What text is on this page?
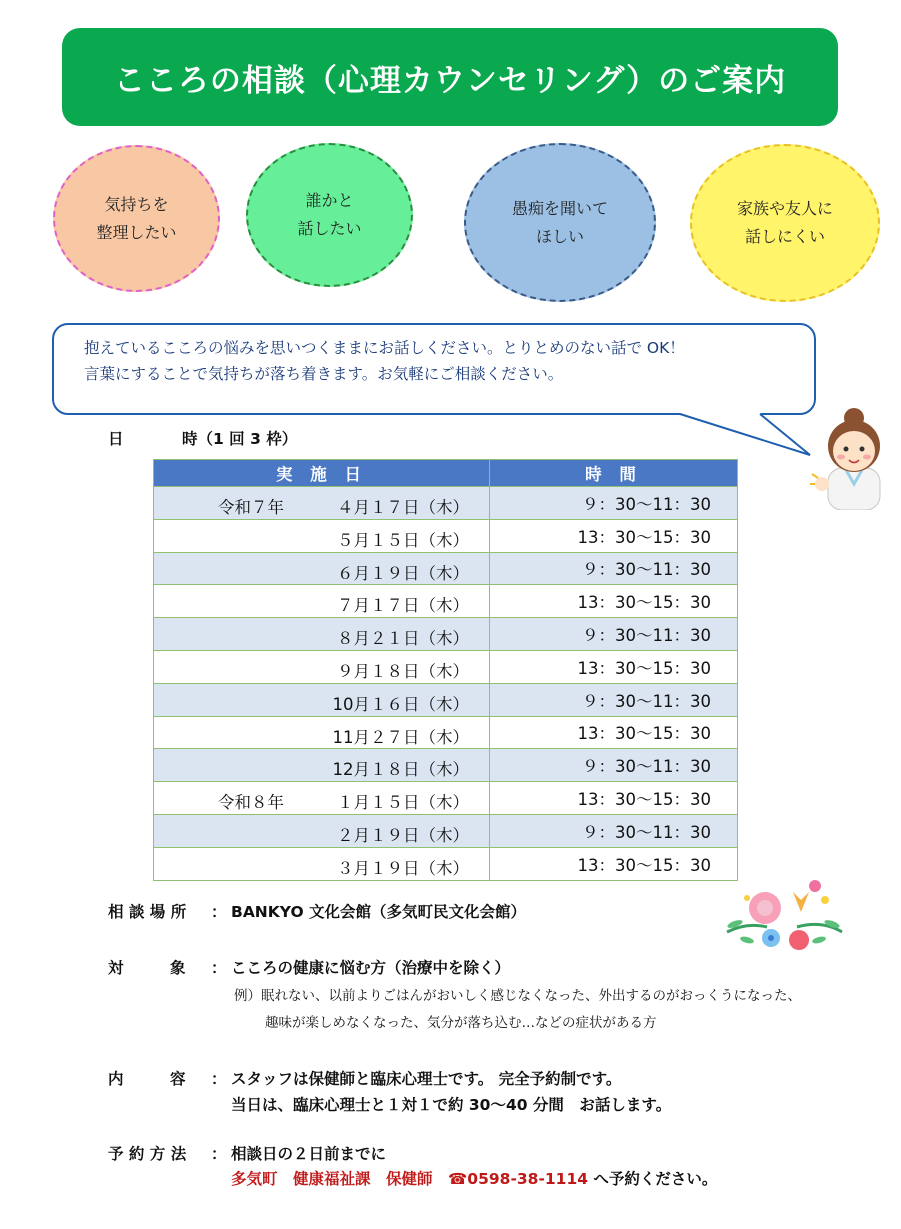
こころの相談（心理カウンセリング）のご案内
気持ちを
整理したい
誰かと
話したい
愚痴を聞いて
ほしい
家族や友人に
話しにくい
抱えているこころの悩みを思いつくままにお話しください。とりとめのない話で OK！
言葉にすることで気持ちが落ち着きます。お気軽にご相談ください。
日	時（1 回 3 枠）
実 施 日	時 間

令和７年 ４月１７日（木）	９：30～11：30

５月１５日（木）	13：30～15：30

６月１９日（木）	９：30～11：30

７月１７日（木）	13：30～15：30

８月２１日（木）	９：30～11：30

９月１８日（木）	13：30～15：30

10月１６日（木）	９：30～11：30

11月２７日（木）	13：30～15：30

12月１８日（木）	９：30～11：30

令和８年 １月１５日（木）	13：30～15：30

２月１９日（木）	９：30～11：30

３月１９日（木）	13：30～15：30
相 談 場 所 ： BANKYO 文化会館（多気町民文化会館）
対　　　象 ： こころの健康に悩む方（治療中を除く）
例）眠れない、以前よりごはんがおいしく感じなくなった、外出するのがおっくうになった、
趣味が楽しめなくなった、気分が落ち込む…などの症状がある方
内　　　容 ： スタッフは保健師と臨床心理士です。 完全予約制です。
当日は、臨床心理士と１対１で約 30～40 分間　お話します。
予 約 方 法 ： 相談日の２日前までに
多気町　健康福祉課　保健師　☎0598-38-1114 へ予約ください。
